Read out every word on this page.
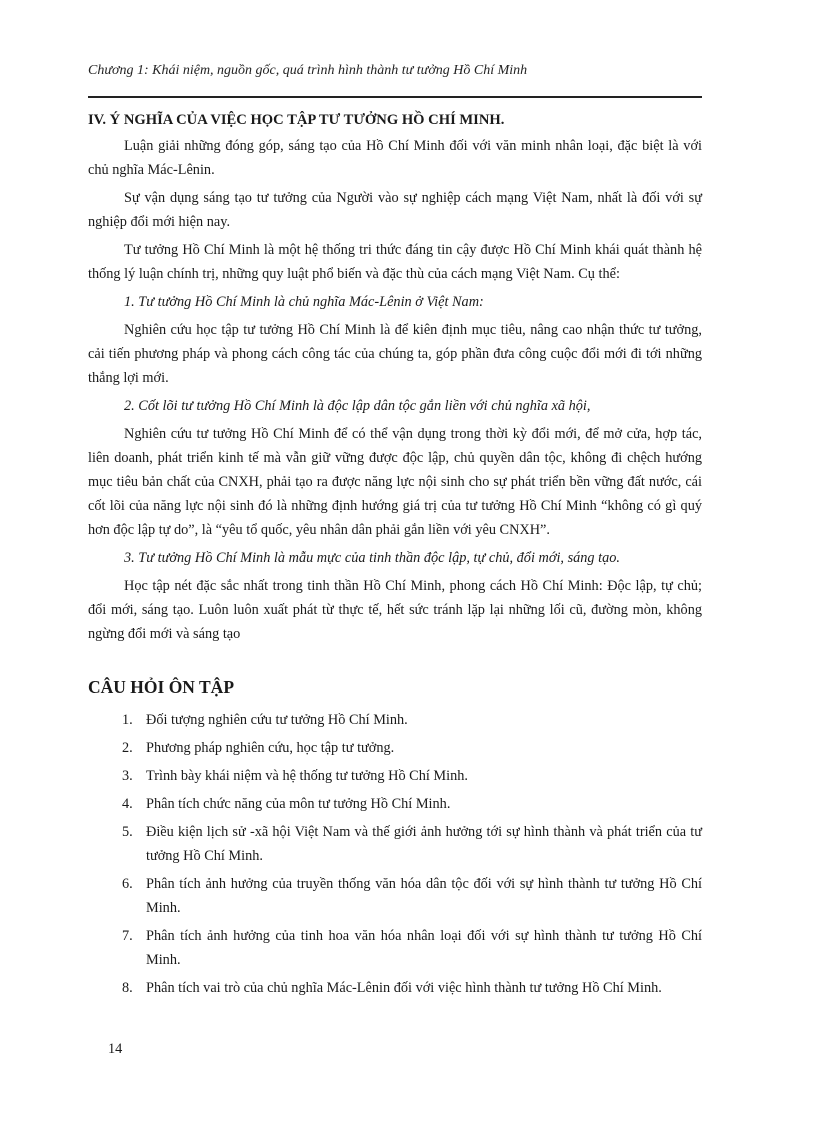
Chương 1: Khái niệm, nguồn gốc, quá trình hình thành tư tưởng Hồ Chí Minh
IV. Ý NGHĨA CỦA VIỆC HỌC TẬP TƯ TƯỞNG HỒ CHÍ MINH.

Luận giải những đóng góp, sáng tạo của Hồ Chí Minh đối với văn minh nhân loại, đặc biệt là với chủ nghĩa Mác-Lênin.

Sự vận dụng sáng tạo tư tưởng của Người vào sự nghiệp cách mạng Việt Nam, nhất là đối với sự nghiệp đổi mới hiện nay.

Tư tưởng Hồ Chí Minh là một hệ thống tri thức đáng tin cậy được Hồ Chí Minh khái quát thành hệ thống lý luận chính trị, những quy luật phổ biến và đặc thù của cách mạng Việt Nam. Cụ thể:

1. Tư tưởng Hồ Chí Minh là chủ nghĩa Mác-Lênin ở Việt Nam:

Nghiên cứu học tập tư tưởng Hồ Chí Minh là để kiên định mục tiêu, nâng cao nhận thức tư tưởng, cải tiến phương pháp và phong cách công tác của chúng ta, góp phần đưa công cuộc đổi mới đi tới những thắng lợi mới.

2. Cốt lõi tư tưởng Hồ Chí Minh là độc lập dân tộc gắn liền với chủ nghĩa xã hội,

Nghiên cứu tư tưởng Hồ Chí Minh để có thể vận dụng trong thời kỳ đổi mới, để mở cửa, hợp tác, liên doanh, phát triển kinh tế mà vẫn giữ vững được độc lập, chủ quyền dân tộc, không đi chệch hướng mục tiêu bản chất của CNXH, phải tạo ra được năng lực nội sinh cho sự phát triển bền vững đất nước, cái cốt lõi của năng lực nội sinh đó là những định hướng giá trị của tư tưởng Hồ Chí Minh “không có gì quý hơn độc lập tự do”, là “yêu tổ quốc, yêu nhân dân phải gắn liền với yêu CNXH”.

3. Tư tưởng Hồ Chí Minh là mẫu mực của tinh thần độc lập, tự chủ, đổi mới, sáng tạo.

Học tập nét đặc sắc nhất trong tinh thần Hồ Chí Minh, phong cách Hồ Chí Minh: Độc lập, tự chủ; đổi mới, sáng tạo. Luôn luôn xuất phát từ thực tế, hết sức tránh lặp lại những lối cũ, đường mòn, không ngừng đổi mới và sáng tạo

CÂU HỎI ÔN TẬP
1. Đối tượng nghiên cứu tư tưởng Hồ Chí Minh.
2. Phương pháp nghiên cứu, học tập tư tưởng.
3. Trình bày khái niệm và hệ thống tư tưởng Hồ Chí Minh.
4. Phân tích chức năng của môn tư tưởng Hồ Chí Minh.
5. Điều kiện lịch sử -xã hội Việt Nam và thế giới ảnh hưởng tới sự hình thành và phát triển của tư tưởng Hồ Chí Minh.
6. Phân tích ảnh hưởng của truyền thống văn hóa dân tộc đối với sự hình thành tư tưởng Hồ Chí Minh.
7. Phân tích ảnh hưởng của tinh hoa văn hóa nhân loại đối với sự hình thành tư tưởng Hồ Chí Minh.
8. Phân tích vai trò của chủ nghĩa Mác-Lênin đối với việc hình thành tư tưởng Hồ Chí Minh.
14
